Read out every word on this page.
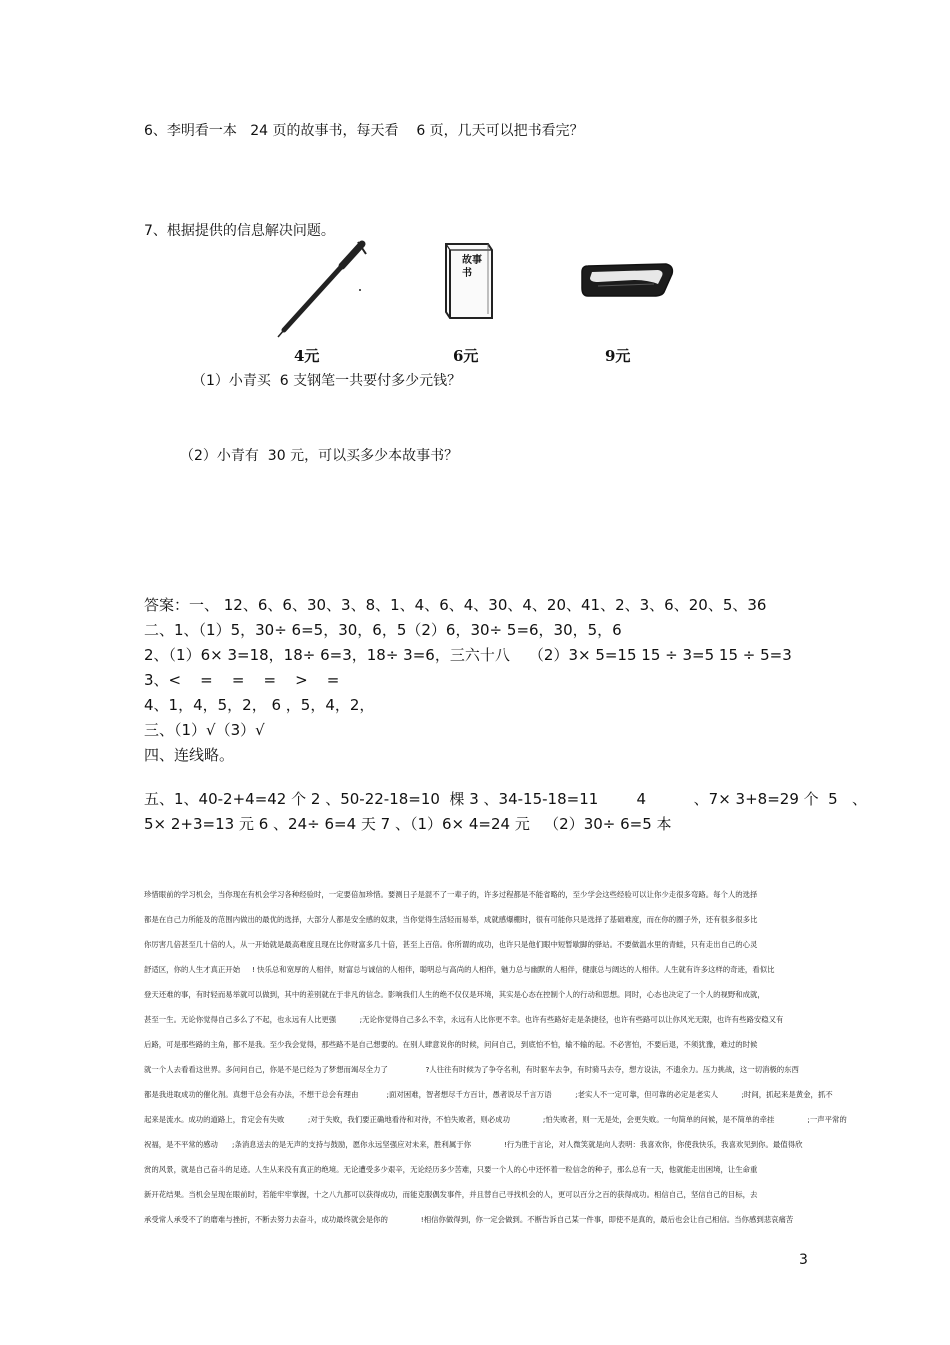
6、李明看一本   24 页的故事书，每天看    6 页，几天可以把书看完？
7、根据提供的信息解决问题。
故事书
4元	6元	9元
（1）小青买  6 支钢笔一共要付多少元钱？
（2）小青有  30 元，可以买多少本故事书？
答案：一、 12、6、6、30、3、8、1、4、6、4、30、4、20、41、2、3、6、20、5、36
二、1、（1）5，30÷ 6=5，30，6，5（2）6，30÷ 5=6，30，5，6
2、（1）6× 3=18，18÷ 6=3，18÷ 3=6，三六十八    （2）3× 5=15 15 ÷ 3=5 15 ÷ 5=3
3、<    =    =    =    >    =
4、1，4，5，2， 6 ，5，4，2，
三、（1）√（3）√
四、连线略。
五、1、40-2+4=42 个 2 、50-22-18=10  棵 3 、34-15-18=11        4          、7× 3+8=29 个  5   、
5× 2+3=13 元 6 、24÷ 6=4 天 7 、（1）6× 4=24 元   （2）30÷ 6=5 本
珍惜眼前的学习机会，当你现在有机会学习各种经验时，一定要倍加珍惜。要测日子是混不了一辈子的，许多过程都是不能省略的，至少学会这些经验可以让你少走很多弯路。每个人的选择
都是在自己力所能及的范围内做出的最优的选择，大部分人都是安全感的奴隶，当你觉得生活轻而易举，成就感爆棚时，很有可能你只是选择了基础难度，而在你的圈子外，还有很多很多比
你厉害几倍甚至几十倍的人，从一开始就是最高难度且现在比你财富多几十倍，甚至上百倍。你所谓的成功，也许只是他们眼中短暂歇脚的驿站。不要做温水里的青蛙，只有走出自己的心灵
舒适区，你的人生才真正开始     ! 快乐总和宽厚的人相伴，财富总与诚信的人相伴，聪明总与高尚的人相伴，魅力总与幽默的人相伴，健康总与阔达的人相伴。人生就有许多这样的奇迹，看似比
登天还难的事，有时轻而易举就可以做到，其中的差别就在于非凡的信念。影响我们人生的绝不仅仅是环境，其实是心态在控制个人的行动和思想。同时，心态也决定了一个人的视野和成就，
甚至一生。无论你觉得自己多么了不起，也永远有人比更强          ;无论你觉得自己多么不幸，永远有人比你更不幸。也许有些路好走是条捷径，也许有些路可以让你风光无限，也许有些路安稳又有
后路，可是那些路的主角，都不是我。至少我会觉得，那些路不是自己想要的。在别人肆意说你的时候，问问自己，到底怕不怕，输不输的起。不必害怕，不要后退，不须犹豫，难过的时候
就一个人去看看这世界。多问问自己，你是不是已经为了梦想而竭尽全力了                ?人往往有时候为了争夺名利，有时驱车去争，有时骑马去夺，想方设法，不遗余力。压力挑战，这一切消极的东西
都是我进取成功的催化剂。真想干总会有办法，不想干总会有理由            ;面对困难，智者想尽千方百计，愚者说尽千言万语          ;老实人不一定可靠，但可靠的必定是老实人          ;时间，抓起来是黄金，抓不
起来是流水。成功的道路上，肯定会有失败          ;对于失败，我们要正确地看待和对待，不怕失败者，则必成功              ;怕失败者，则一无是处，会更失败。一句简单的问候，是不简单的牵挂              ;一声平常的
祝福，是不平常的感动      ;条消息送去的是无声的支持与鼓励，愿你永远坚强应对未来，胜利属于你              !行为胜于言论，对人微笑就是向人表明：我喜欢你，你使我快乐，我喜欢见到你。最值得欣
赏的风景，就是自己奋斗的足迹。人生从来没有真正的绝境。无论遭受多少艰辛，无论经历多少苦难，只要一个人的心中还怀着一粒信念的种子，那么总有一天，他就能走出困境，让生命重
新开花结果。当机会呈现在眼前时，若能牢牢掌握，十之八九都可以获得成功，而能克服偶发事件，并且替自己寻找机会的人，更可以百分之百的获得成功。相信自己，坚信自己的目标，去
承受常人承受不了的磨难与挫折，不断去努力去奋斗，成功最终就会是你的              !相信你做得到，你一定会做到。不断告诉自己某一件事，即使不是真的，最后也会让自己相信。当你感到悲哀痛苦
3
